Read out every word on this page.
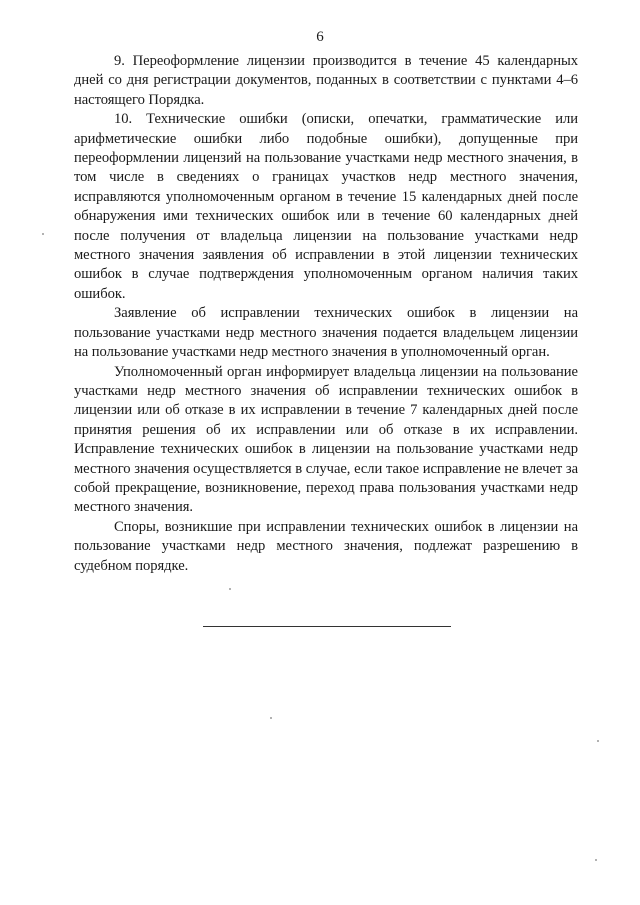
6

9. Переоформление лицензии производится в течение 45 календарных дней со дня регистрации документов, поданных в соответствии с пунктами 4–6 настоящего Порядка.

10. Технические ошибки (описки, опечатки, грамматические или арифметические ошибки либо подобные ошибки), допущенные при переоформлении лицензий на пользование участками недр местного значения, в том числе в сведениях о границах участков недр местного значения, исправляются уполномоченным органом в течение 15 календарных дней после обнаружения ими технических ошибок или в течение 60 календарных дней после получения от владельца лицензии на пользование участками недр местного значения заявления об исправлении в этой лицензии технических ошибок в случае подтверждения уполномоченным органом наличия таких ошибок.

Заявление об исправлении технических ошибок в лицензии на пользование участками недр местного значения подается владельцем лицензии на пользование участками недр местного значения в уполномоченный орган.

Уполномоченный орган информирует владельца лицензии на пользование участками недр местного значения об исправлении технических ошибок в лицензии или об отказе в их исправлении в течение 7 календарных дней после принятия решения об их исправлении или об отказе в их исправлении. Исправление технических ошибок в лицензии на пользование участками недр местного значения осуществляется в случае, если такое исправление не влечет за собой прекращение, возникновение, переход права пользования участками недр местного значения.

Споры, возникшие при исправлении технических ошибок в лицензии на пользование участками недр местного значения, подлежат разрешению в судебном порядке.
